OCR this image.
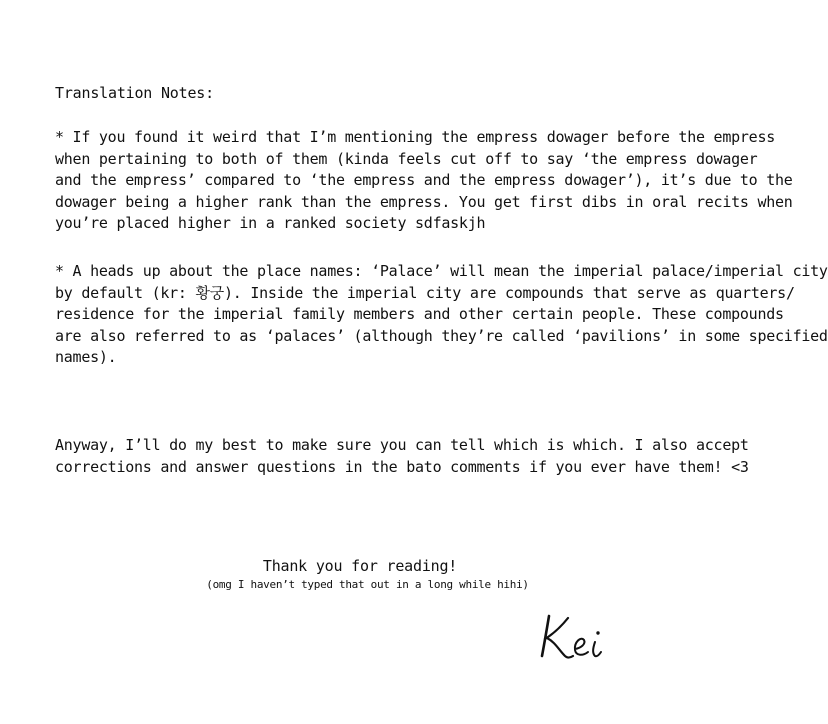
Translation Notes:
* If you found it weird that I’m mentioning the empress dowager before the empress
when pertaining to both of them (kinda feels cut off to say ‘the empress dowager
and the empress’ compared to ‘the empress and the empress dowager’), it’s due to the
dowager being a higher rank than the empress. You get first dibs in oral recits when
you’re placed higher in a ranked society sdfaskjh
* A heads up about the place names: ‘Palace’ will mean the imperial palace/imperial city
by default (kr: 황궁). Inside the imperial city are compounds that serve as quarters/
residence for the imperial family members and other certain people. These compounds
are also referred to as ‘palaces’ (although they’re called ‘pavilions’ in some specified
names).
Anyway, I’ll do my best to make sure you can tell which is which. I also accept
corrections and answer questions in the bato comments if you ever have them! <3
Thank you for reading!
(omg I haven’t typed that out in a long while hihi)
